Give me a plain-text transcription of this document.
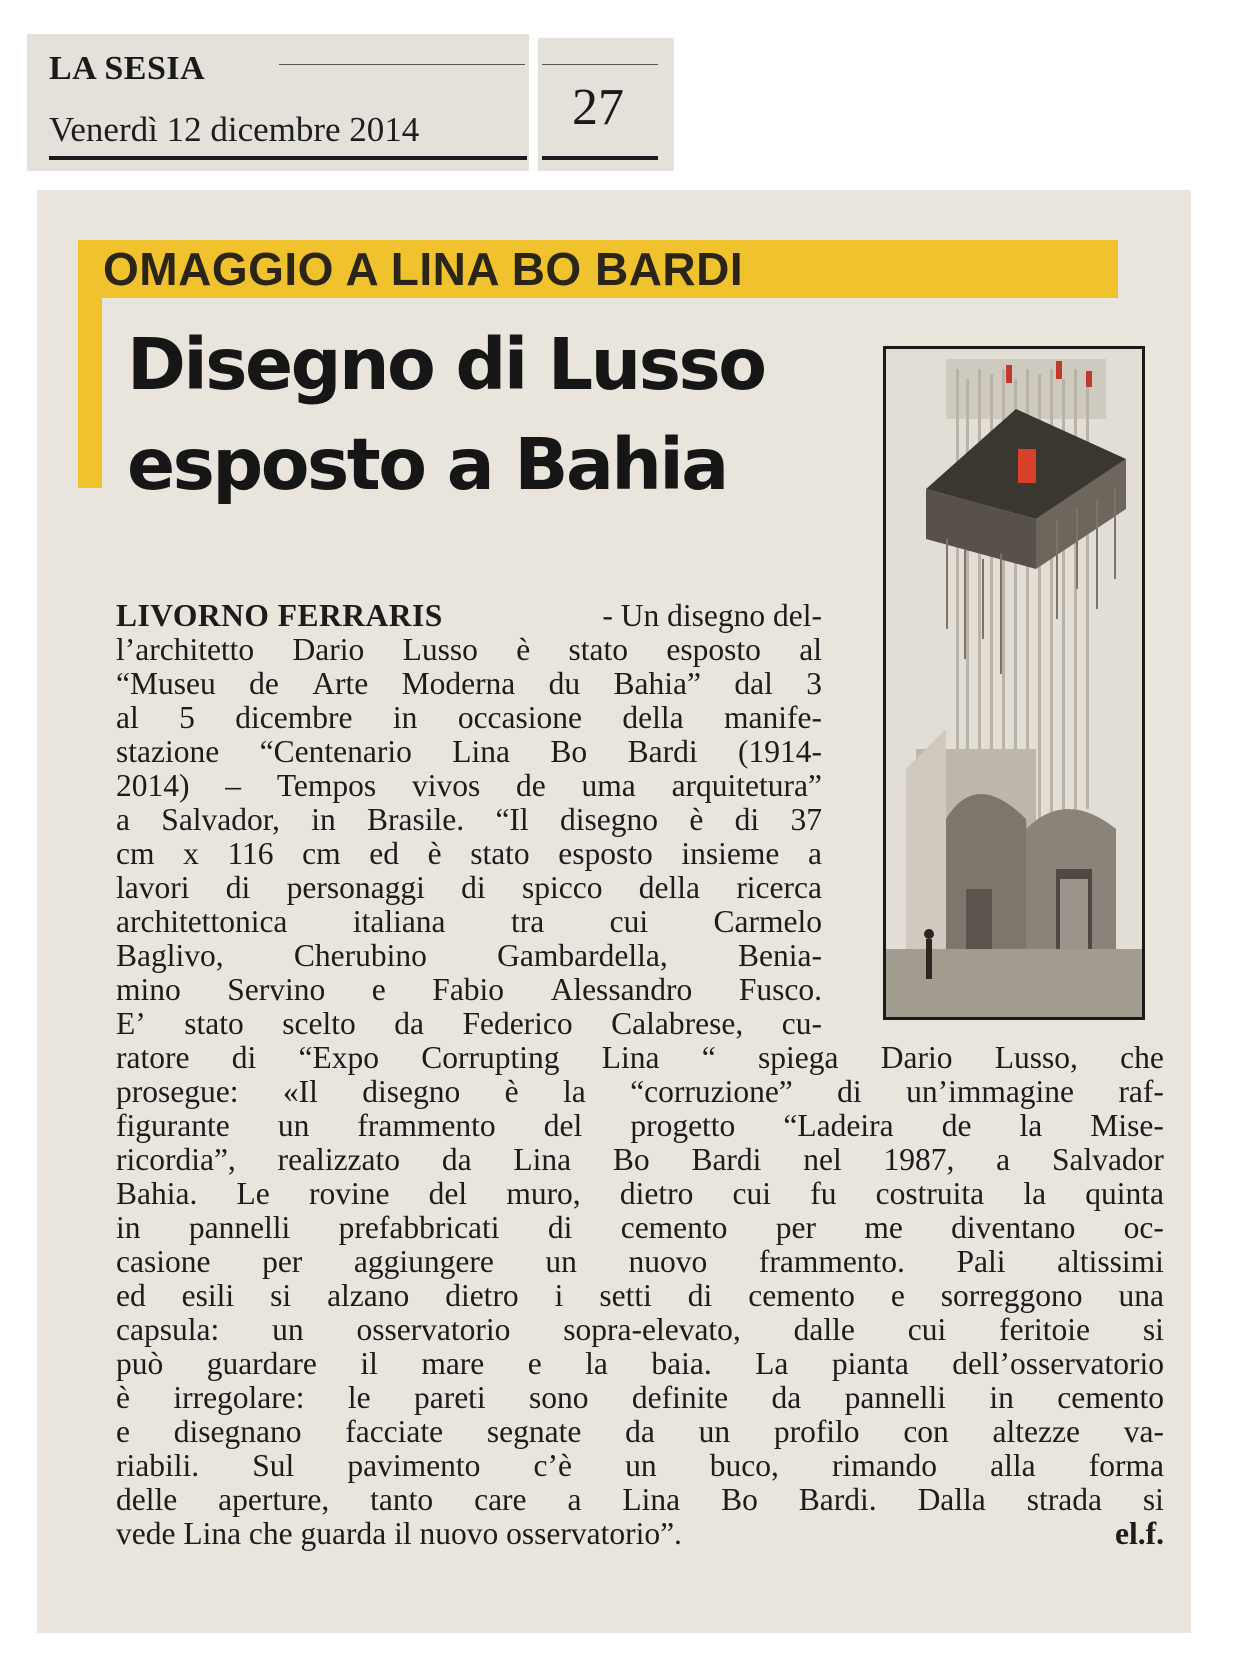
LA SESIA
Venerdì 12 dicembre 2014	27
OMAGGIO A LINA BO BARDI
Disegno di Lusso
esposto a Bahia
LIVORNO FERRARIS	- Un disegno del-
l’architetto Dario Lusso è stato esposto al
“Museu de Arte Moderna du Bahia” dal 3
al 5 dicembre in occasione della manife-
stazione “Centenario Lina Bo Bardi (1914-
2014) – Tempos vivos de uma arquitetura”
a Salvador, in Brasile. “Il disegno è di 37
cm x 116 cm ed è stato esposto insieme a
lavori di personaggi di spicco della ricerca
architettonica italiana tra cui Carmelo
Baglivo, Cherubino Gambardella, Benia-
mino Servino e Fabio Alessandro Fusco.
E’ stato scelto da Federico Calabrese, cu-
ratore di “Expo Corrupting Lina “ spiega Dario Lusso, che
prosegue: «Il disegno è la “corruzione” di un’immagine raf-
figurante un frammento del progetto “Ladeira de la Mise-
ricordia”, realizzato da Lina Bo Bardi nel 1987, a Salvador
Bahia. Le rovine del muro, dietro cui fu costruita la quinta
in pannelli prefabbricati di cemento per me diventano oc-
casione per aggiungere un nuovo frammento. Pali altissimi
ed esili si alzano dietro i setti di cemento e sorreggono una
capsula: un osservatorio sopra-elevato, dalle cui feritoie si
può guardare il mare e la baia. La pianta dell’osservatorio
è irregolare: le pareti sono definite da pannelli in cemento
e disegnano facciate segnate da un profilo con altezze va-
riabili. Sul pavimento c’è un buco, rimando alla forma
delle aperture, tanto care a Lina Bo Bardi. Dalla strada si
vede Lina che guarda il nuovo osservatorio”.	el.f.
